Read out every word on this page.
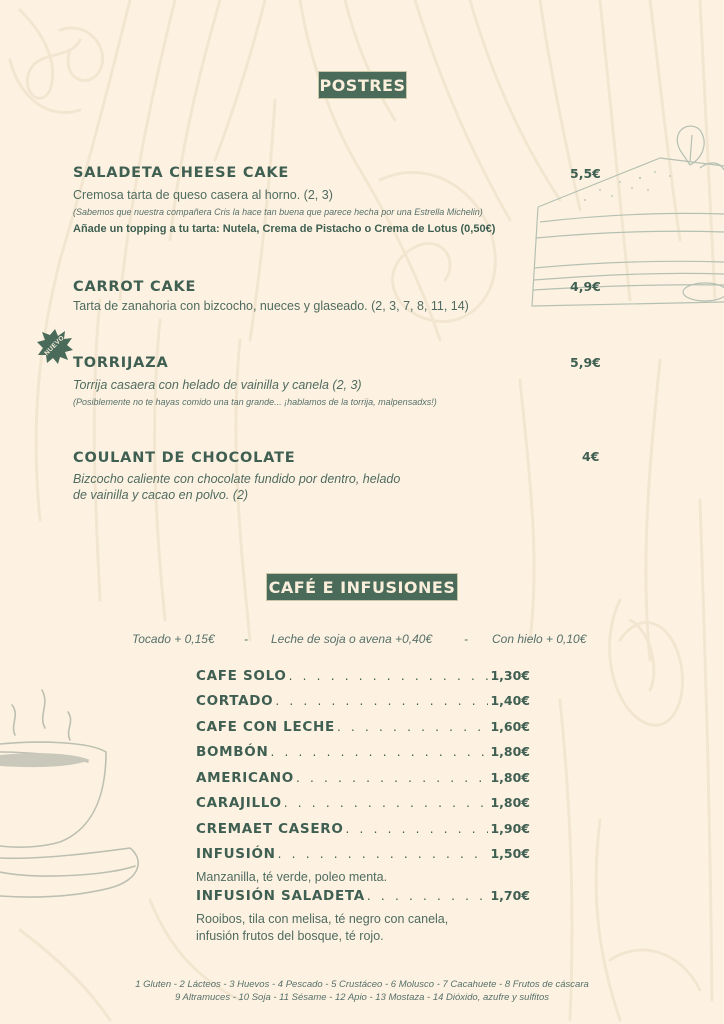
POSTRES
SALADETA CHEESE CAKE	5,5€
Cremosa tarta de queso casera al horno. (2, 3)
(Sabemos que nuestra compañera Cris la hace tan buena que parece hecha por una Estrella Michelin)
Añade un topping a tu tarta: Nutela, Crema de Pistacho o Crema de Lotus (0,50€)
CARROT CAKE	4,9€
Tarta de zanahoria con bizcocho, nueces y glaseado. (2, 3, 7, 8, 11, 14)
NUEVO
TORRIJAZA	5,9€
Torrija casaera con helado de vainilla y canela (2, 3)
(Posiblemente no te hayas comido una tan grande... ¡hablamos de la torrija, malpensadxs!)
COULANT DE CHOCOLATE	4€
Bizcocho caliente con chocolate fundido por dentro, helado
de vainilla y cacao en polvo. (2)
CAFÉ E INFUSIONES
Tocado + 0,15€ - Leche de soja o avena +0,40€	- Con hielo + 0,10€
CAFE SOLO . . .	1,30€
CORTADO . . .	1,40€
CAFE CON LECHE . . .	1,60€
BOMBÓN . . .	1,80€
AMERICANO . . .	1,80€
CARAJILLO . . .	1,80€
CREMAET CASERO . . .	1,90€
INFUSIÓN . . .	1,50€
Manzanilla, té verde, poleo menta.
INFUSIÓN SALADETA . . .	1,70€
Rooibos, tila con melisa, té negro con canela,
infusión frutos del bosque, té rojo.
1 Gluten - 2 Lácteos - 3 Huevos - 4 Pescado - 5 Crustáceo - 6 Molusco - 7 Cacahuete - 8 Frutos de cáscara
9 Altramuces - 10 Soja - 11 Sésame - 12 Apio - 13 Mostaza - 14 Dióxido, azufre y sulfitos
